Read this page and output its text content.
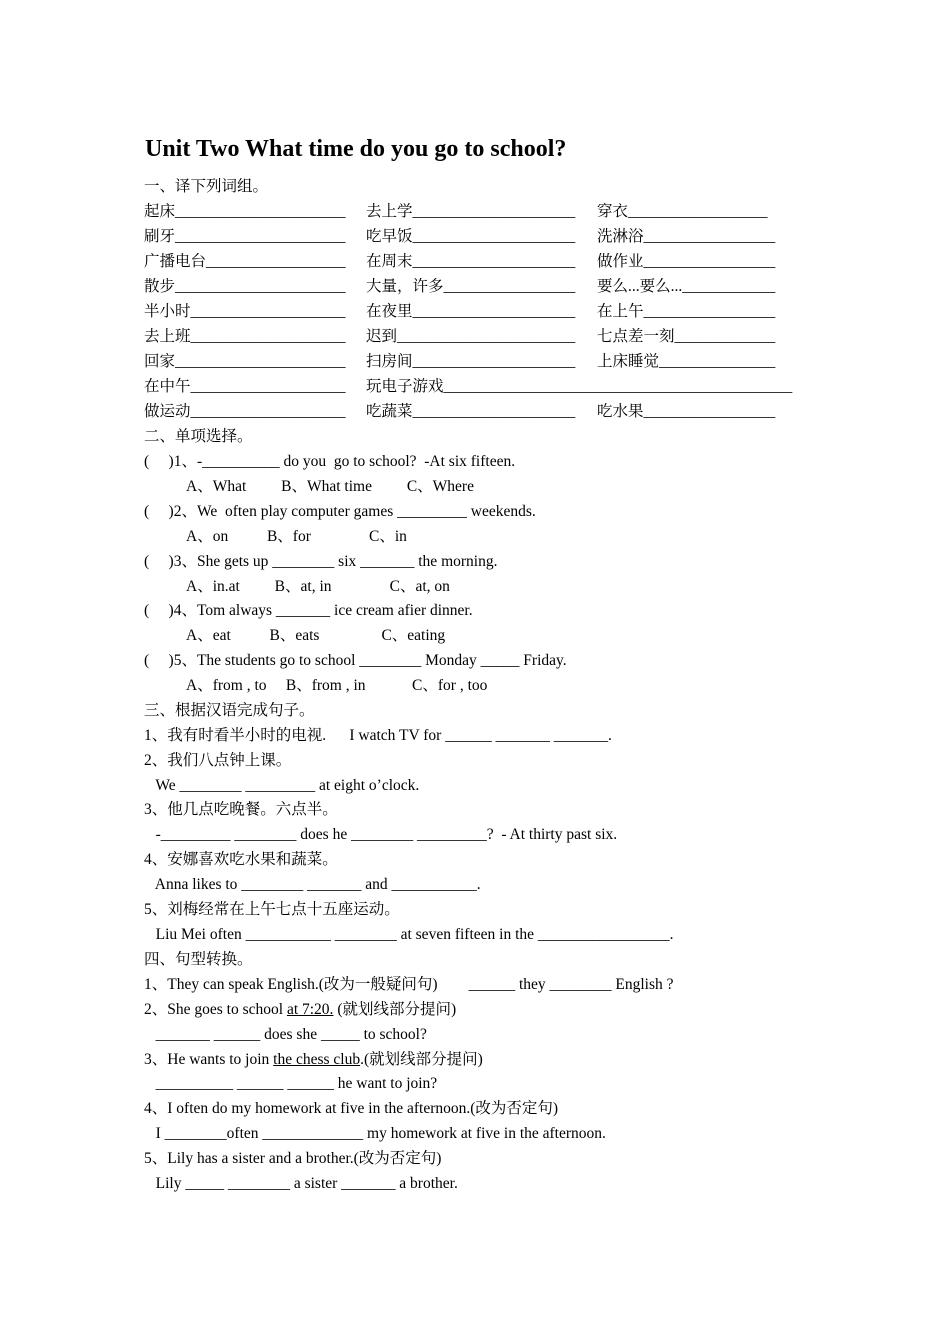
Unit Two What time do you go to school?
一、译下列词组。
起床______________________ 去上学_____________________ 穿衣__________________
刷牙______________________ 吃早饭_____________________ 洗淋浴_________________
广播电台__________________ 在周末_____________________ 做作业_________________
散步______________________ 大量，许多_________________ 要么...要么...____________
半小时____________________ 在夜里_____________________ 在上午_________________
去上班____________________ 迟到_______________________ 七点差一刻_____________
回家______________________ 扫房间_____________________ 上床睡觉_______________
在中午____________________ 玩电子游戏_____________________________________________
做运动____________________ 吃蔬菜_____________________ 吃水果_________________
二、单项选择。
(     )1、-__________ do you  go to school?  -At six fifteen.
A、What         B、What time         C、Where
(     )2、We  often play computer games _________ weekends.
A、on          B、for               C、in
(     )3、She gets up ________ six _______ the morning.
A、in.at         B、at, in               C、at, on
(     )4、Tom always _______ ice cream afier dinner.
A、eat          B、eats                C、eating
(     )5、The students go to school ________ Monday _____ Friday.
A、from , to     B、from , in            C、for , too
三、根据汉语完成句子。
1、我有时看半小时的电视.      I watch TV for ______ _______ _______.
2、我们八点钟上课。
We ________ _________ at eight o’clock.
3、他几点吃晚餐。六点半。
-_________ ________ does he ________ _________?  - At thirty past six.
4、安娜喜欢吃水果和蔬菜。
Anna likes to ________ _______ and ___________.
5、刘梅经常在上午七点十五座运动。
Liu Mei often ___________ ________ at seven fifteen in the _________________.
四、句型转换。
1、They can speak English.(改为一般疑问句)        ______ they ________ English ?
2、She goes to school at 7:20. (就划线部分提问)
_______ ______ does she _____ to school?
3、He wants to join the chess club.(就划线部分提问)
__________ ______ ______ he want to join?
4、I often do my homework at five in the afternoon.(改为否定句)
I ________often _____________ my homework at five in the afternoon.
5、Lily has a sister and a brother.(改为否定句)
Lily _____ ________ a sister _______ a brother.
